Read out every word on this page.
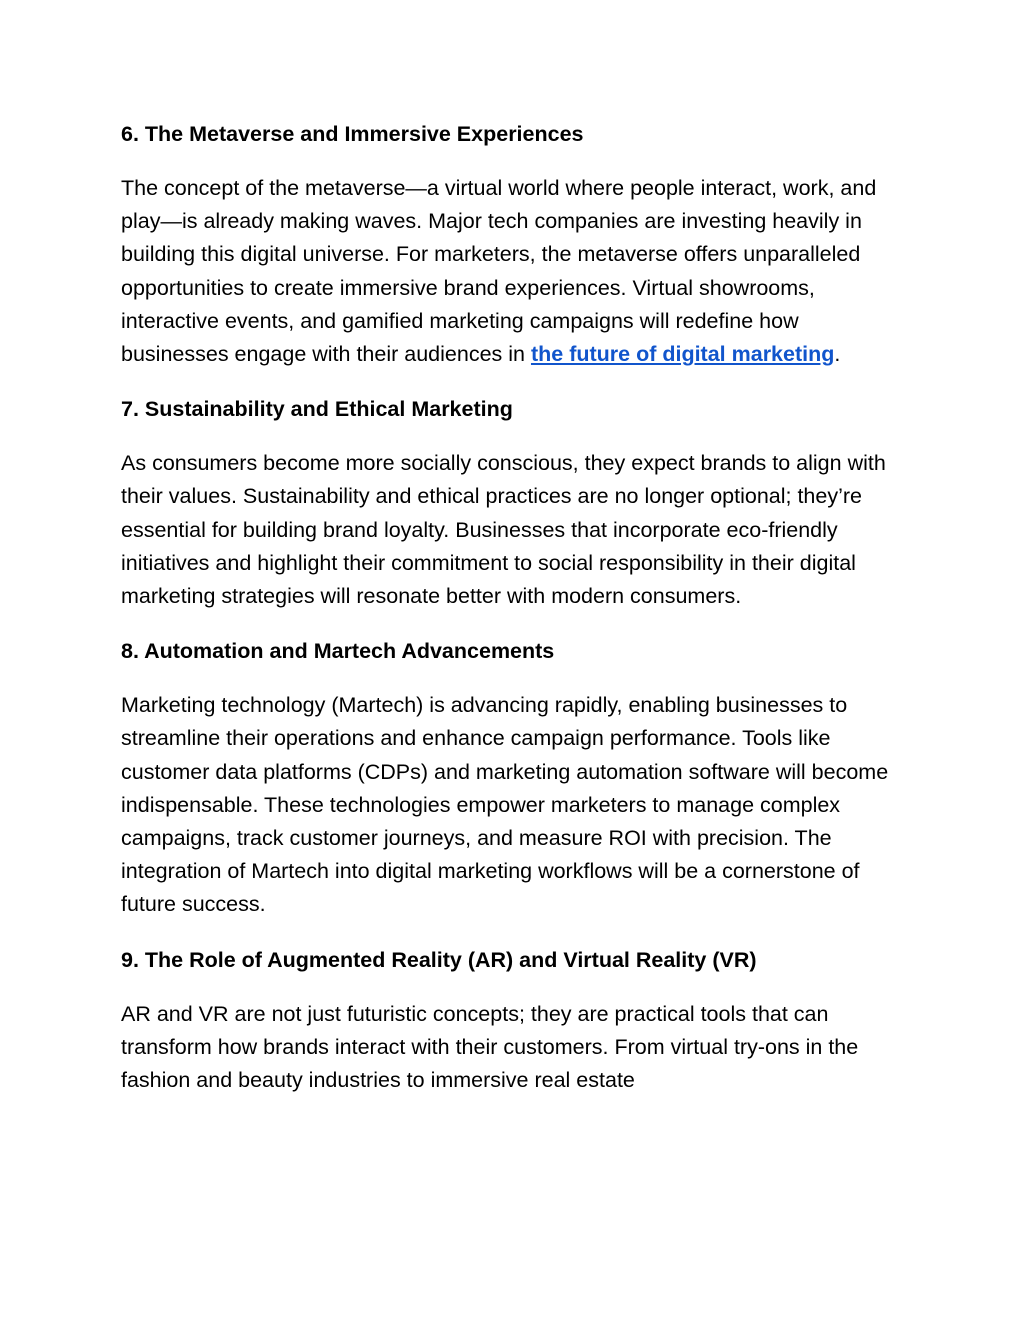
6. The Metaverse and Immersive Experiences

The concept of the metaverse—a virtual world where people interact, work, and play—is already making waves. Major tech companies are investing heavily in building this digital universe. For marketers, the metaverse offers unparalleled opportunities to create immersive brand experiences. Virtual showrooms, interactive events, and gamified marketing campaigns will redefine how businesses engage with their audiences in the future of digital marketing.

7. Sustainability and Ethical Marketing

As consumers become more socially conscious, they expect brands to align with their values. Sustainability and ethical practices are no longer optional; they’re essential for building brand loyalty. Businesses that incorporate eco-friendly initiatives and highlight their commitment to social responsibility in their digital marketing strategies will resonate better with modern consumers.

8. Automation and Martech Advancements

Marketing technology (Martech) is advancing rapidly, enabling businesses to streamline their operations and enhance campaign performance. Tools like customer data platforms (CDPs) and marketing automation software will become indispensable. These technologies empower marketers to manage complex campaigns, track customer journeys, and measure ROI with precision. The integration of Martech into digital marketing workflows will be a cornerstone of future success.

9. The Role of Augmented Reality (AR) and Virtual Reality (VR)

AR and VR are not just futuristic concepts; they are practical tools that can transform how brands interact with their customers. From virtual try-ons in the fashion and beauty industries to immersive real estate
